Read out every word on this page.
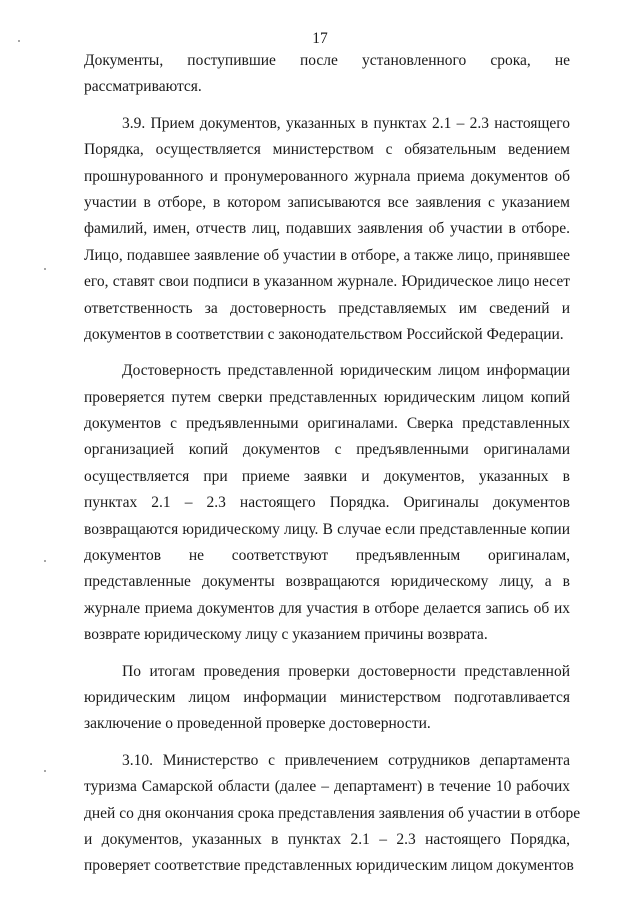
17
Документы, поступившие после установленного срока, не
рассматриваются.
3.9. Прием документов, указанных в пунктах 2.1 – 2.3 настоящего
Порядка, осуществляется министерством с обязательным ведением
прошнурованного и пронумерованного журнала приема документов об
участии в отборе, в котором записываются все заявления с указанием
фамилий, имен, отчеств лиц, подавших заявления об участии в отборе.
Лицо, подавшее заявление об участии в отборе, а также лицо, принявшее
его, ставят свои подписи в указанном журнале. Юридическое лицо несет
ответственность за достоверность представляемых им сведений и
документов в соответствии с законодательством Российской Федерации.
Достоверность представленной юридическим лицом информации
проверяется путем сверки представленных юридическим лицом копий
документов с предъявленными оригиналами. Сверка представленных
организацией копий документов с предъявленными оригиналами
осуществляется при приеме заявки и документов, указанных в
пунктах 2.1 – 2.3 настоящего Порядка. Оригиналы документов
возвращаются юридическому лицу. В случае если представленные копии
документов не соответствуют предъявленным оригиналам,
представленные документы возвращаются юридическому лицу, а в
журнале приема документов для участия в отборе делается запись об их
возврате юридическому лицу с указанием причины возврата.
По итогам проведения проверки достоверности представленной
юридическим лицом информации министерством подготавливается
заключение о проведенной проверке достоверности.
3.10. Министерство с привлечением сотрудников департамента
туризма Самарской области (далее – департамент) в течение 10 рабочих
дней со дня окончания срока представления заявления об участии в отборе
и документов, указанных в пунктах 2.1 – 2.3 настоящего Порядка,
проверяет соответствие представленных юридическим лицом документов
